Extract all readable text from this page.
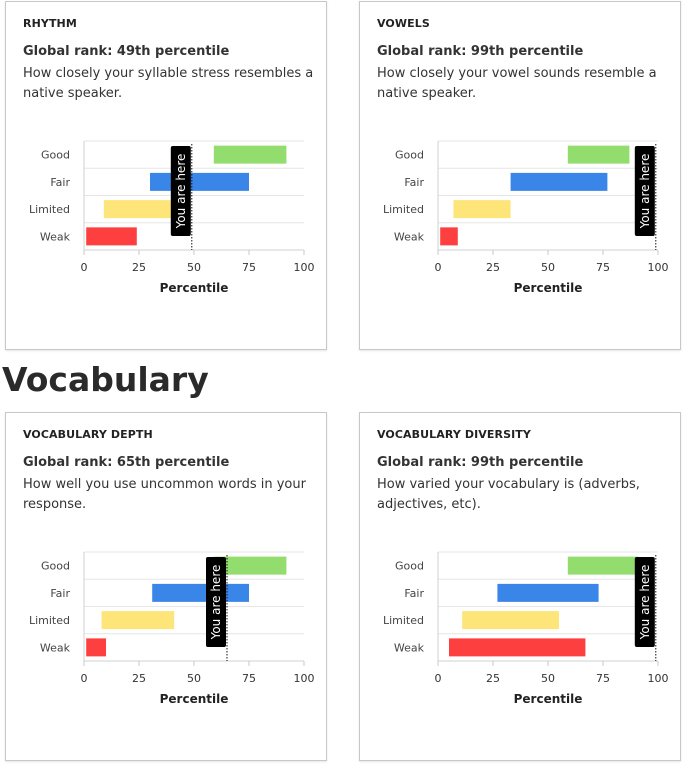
RHYTHM
Global rank: 49th percentile
How closely your syllable stress resembles a native speaker.
Good
Fair
Limited
Weak
0	25	50	75	100
Percentile
You are here
VOWELS
Global rank: 99th percentile
How closely your vowel sounds resemble a native speaker.
Good
Fair
Limited
Weak
0	25	50	75	100
Percentile
You are here
Vocabulary
VOCABULARY DEPTH
Global rank: 65th percentile
How well you use uncommon words in your response.
Good
Fair
Limited
Weak
0	25	50	75	100
Percentile
You are here
VOCABULARY DIVERSITY
Global rank: 99th percentile
How varied your vocabulary is (adverbs, adjectives, etc).
Good
Fair
Limited
Weak
0	25	50	75	100
Percentile
You are here
